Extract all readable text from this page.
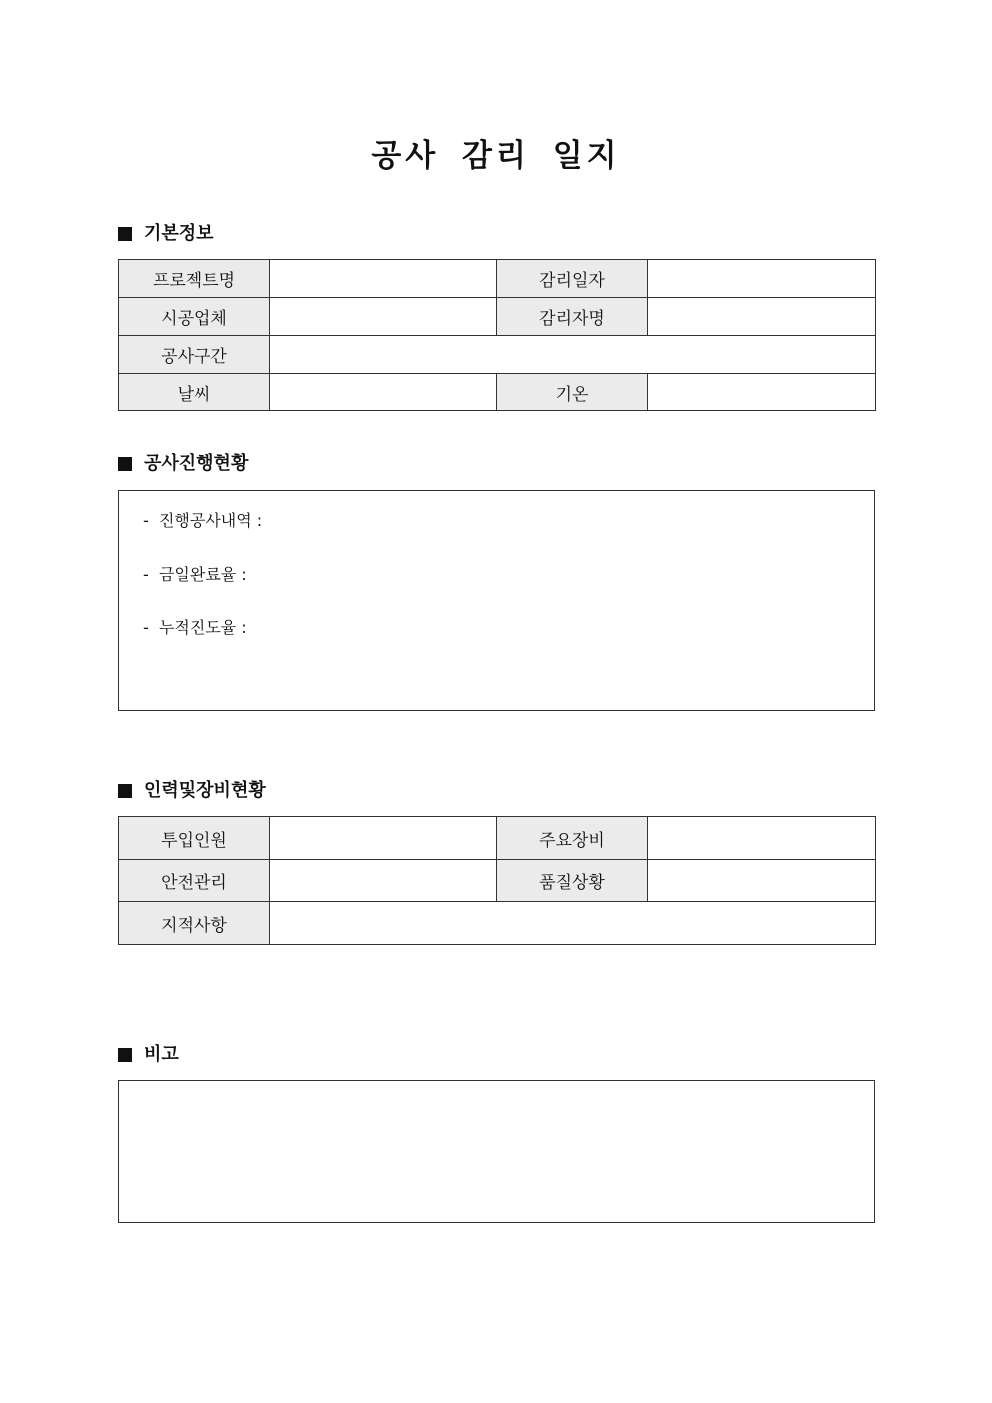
공사 감리 일지
기본정보
프로젝트명		감리일자	
시공업체		감리자명	
공사구간			
날씨		기온	
공사진행현황
-  진행공사내역 :
-  금일완료율 :
-  누적진도율 :
인력및장비현황
투입인원		주요장비	
안전관리		품질상황	
지적사항			
비고
